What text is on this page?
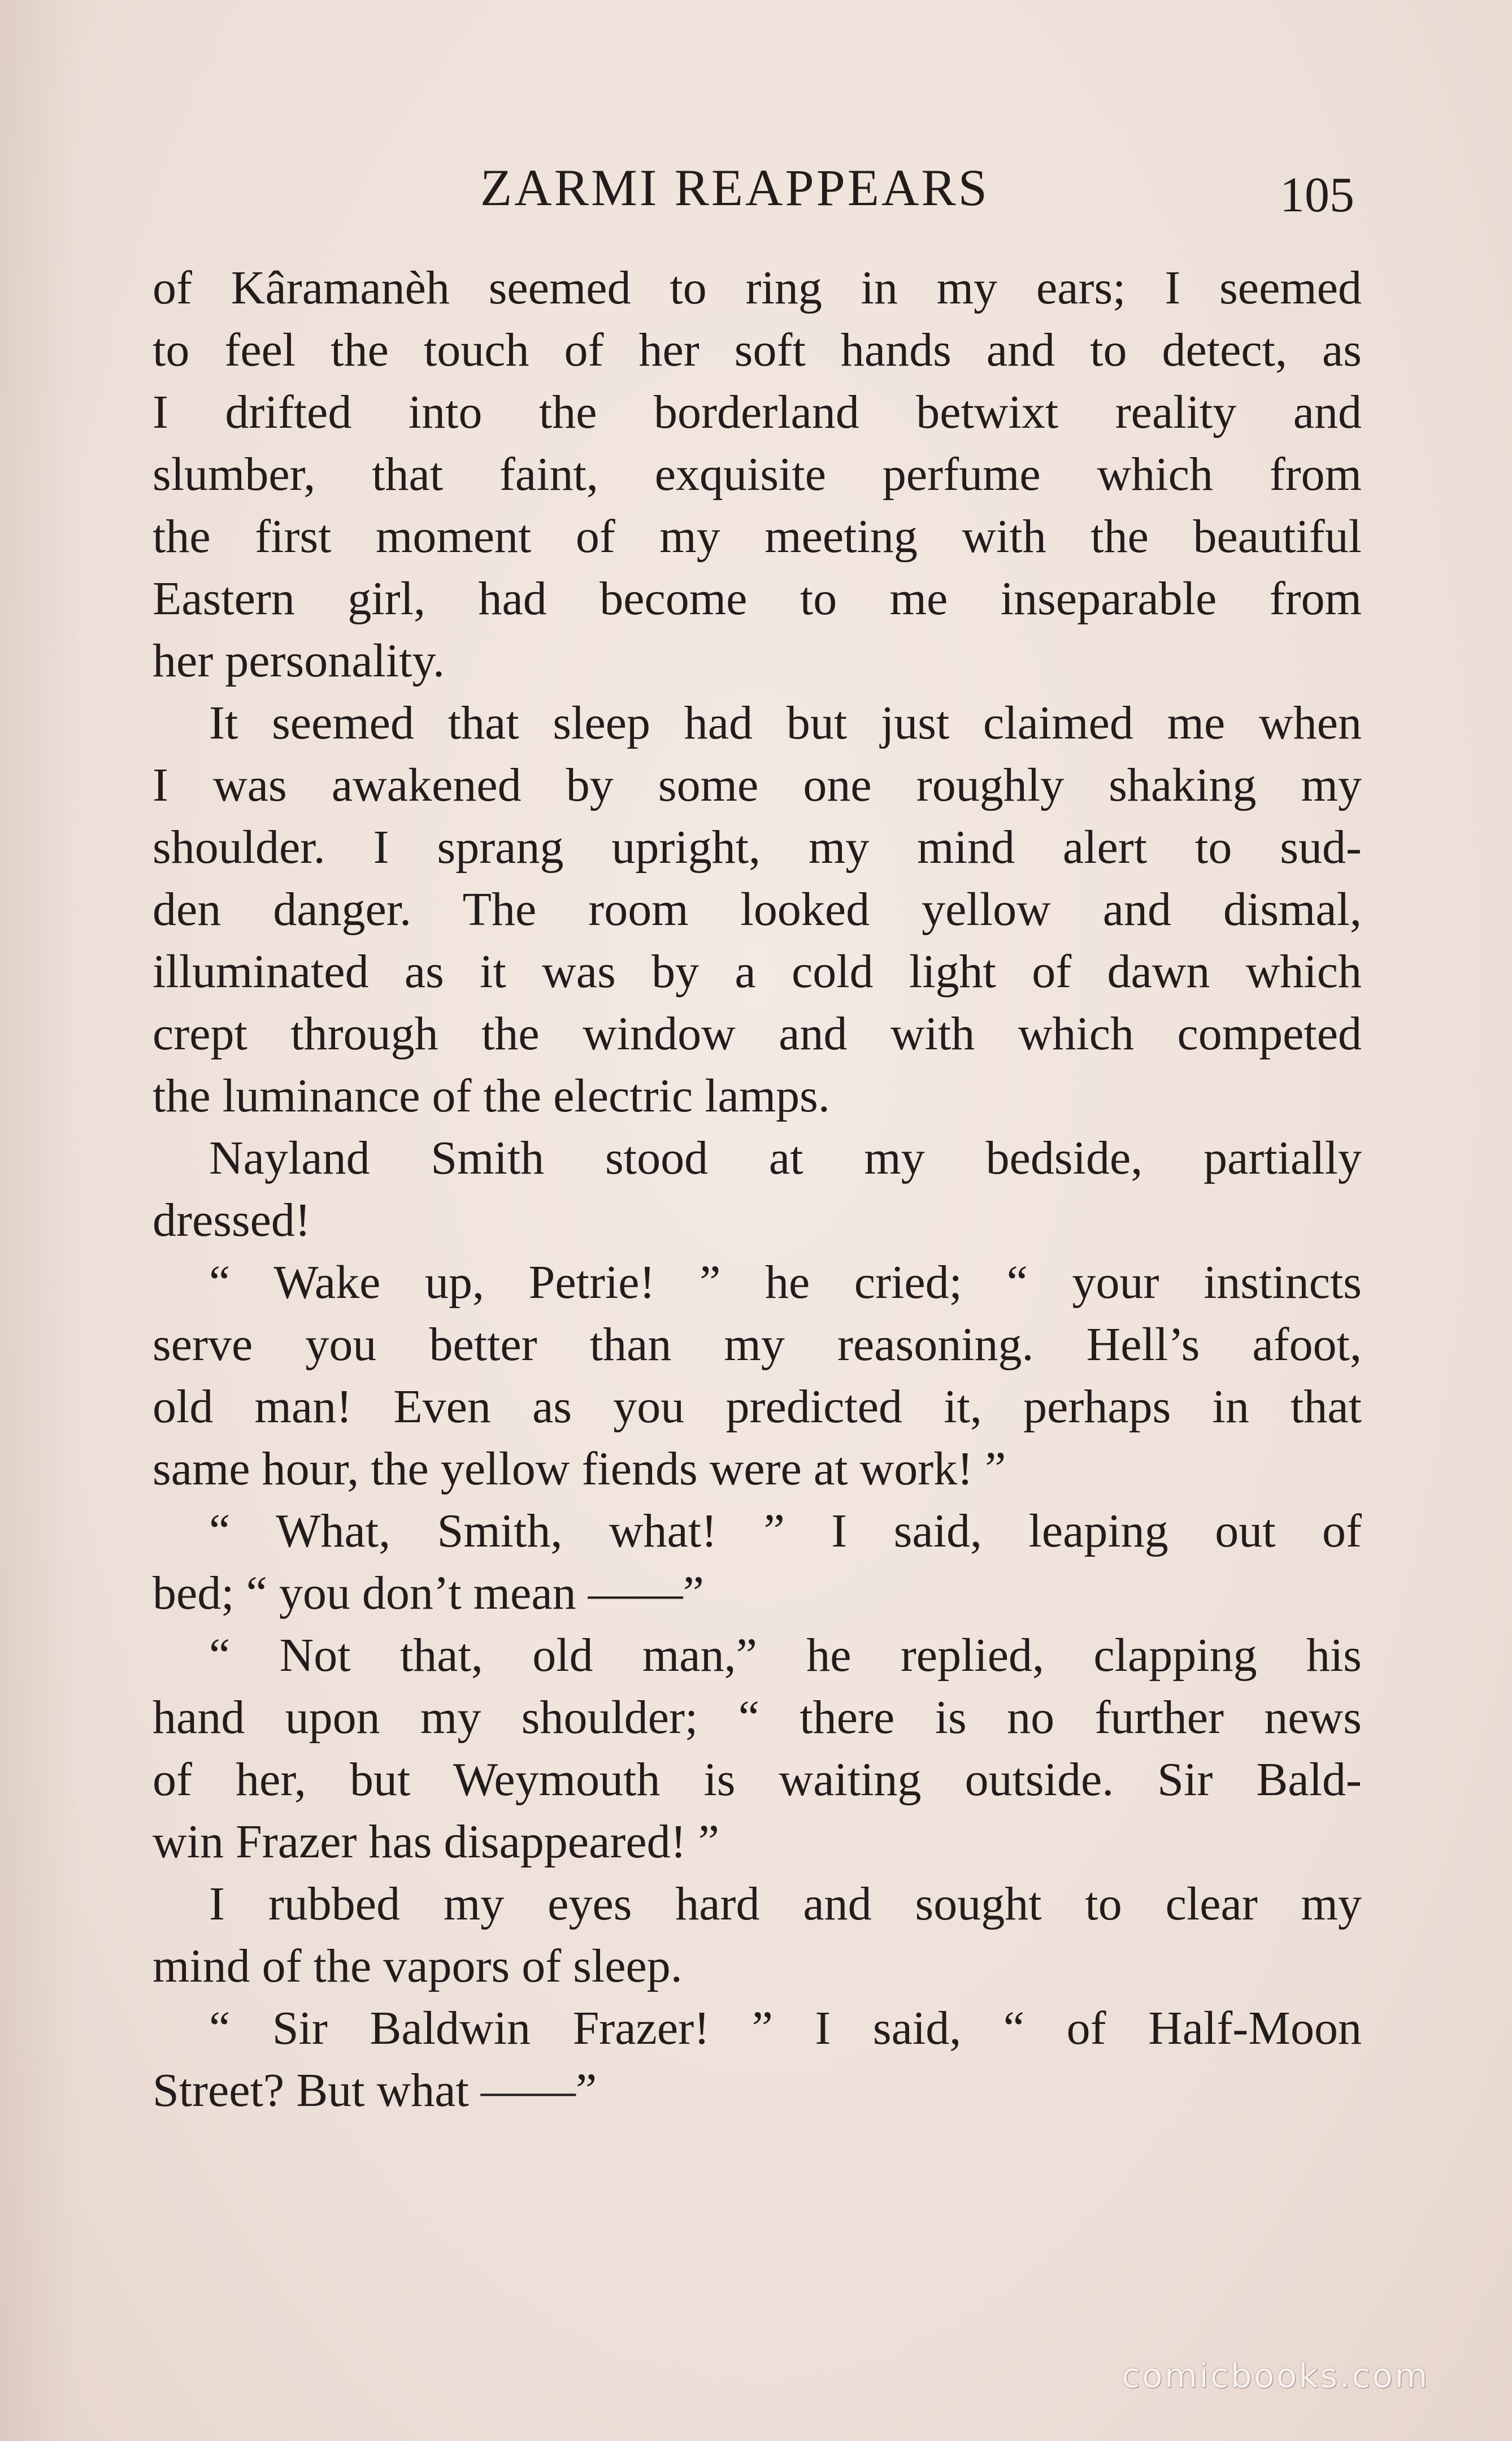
ZARMI REAPPEARS	105
of Kâramanèh seemed to ring in my ears; I seemed
to feel the touch of her soft hands and to detect, as
I drifted into the borderland betwixt reality and
slumber, that faint, exquisite perfume which from
the first moment of my meeting with the beautiful
Eastern girl, had become to me inseparable from
her personality.
It seemed that sleep had but just claimed me when
I was awakened by some one roughly shaking my
shoulder. I sprang upright, my mind alert to sud-
den danger. The room looked yellow and dismal,
illuminated as it was by a cold light of dawn which
crept through the window and with which competed
the luminance of the electric lamps.
Nayland Smith stood at my bedside, partially
dressed!
“ Wake up, Petrie! ” he cried; “ your instincts
serve you better than my reasoning. Hell’s afoot,
old man! Even as you predicted it, perhaps in that
same hour, the yellow fiends were at work! ”
“ What, Smith, what! ” I said, leaping out of
bed; “ you don’t mean ——”
“ Not that, old man,” he replied, clapping his
hand upon my shoulder; “ there is no further news
of her, but Weymouth is waiting outside. Sir Bald-
win Frazer has disappeared! ”
I rubbed my eyes hard and sought to clear my
mind of the vapors of sleep.
“ Sir Baldwin Frazer! ” I said, “ of Half-Moon
Street? But what ——”
comicbooks.com
